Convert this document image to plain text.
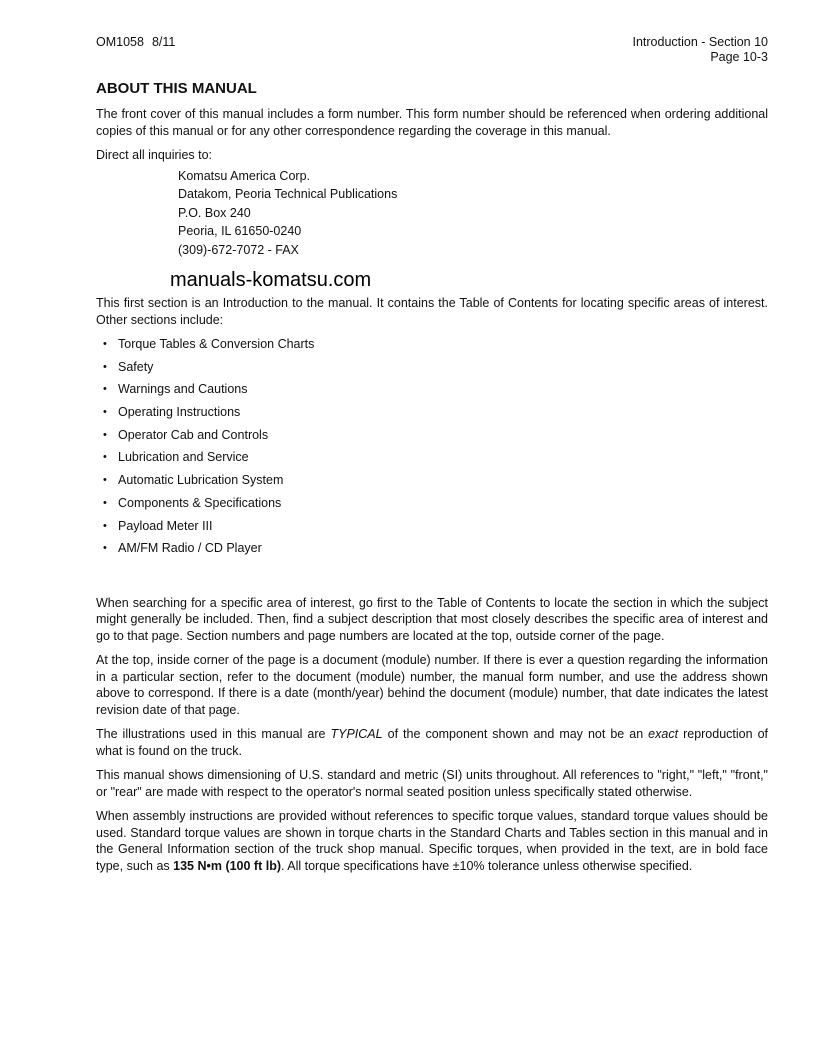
OM1058 8/11	Introduction - Section 10
Page 10-3
ABOUT THIS MANUAL

The front cover of this manual includes a form number. This form number should be referenced when ordering additional copies of this manual or for any other correspondence regarding the coverage in this manual.

Direct all inquiries to:

Komatsu America Corp.
Datakom, Peoria Technical Publications
P.O. Box 240
Peoria, IL 61650-0240
(309)-672-7072 - FAX
manuals-komatsu.com

This first section is an Introduction to the manual. It contains the Table of Contents for locating specific areas of interest. Other sections include:

• Torque Tables & Conversion Charts
• Safety
• Warnings and Cautions
• Operating Instructions
• Operator Cab and Controls
• Lubrication and Service
• Automatic Lubrication System
• Components & Specifications
• Payload Meter III
• AM/FM Radio / CD Player

When searching for a specific area of interest, go first to the Table of Contents to locate the section in which the subject might generally be included. Then, find a subject description that most closely describes the specific area of interest and go to that page. Section numbers and page numbers are located at the top, outside corner of the page.

At the top, inside corner of the page is a document (module) number. If there is ever a question regarding the information in a particular section, refer to the document (module) number, the manual form number, and use the address shown above to correspond. If there is a date (month/year) behind the document (module) number, that date indicates the latest revision date of that page.

The illustrations used in this manual are TYPICAL of the component shown and may not be an exact reproduction of what is found on the truck.

This manual shows dimensioning of U.S. standard and metric (SI) units throughout. All references to "right," "left," "front," or "rear" are made with respect to the operator's normal seated position unless specifically stated otherwise.

When assembly instructions are provided without references to specific torque values, standard torque values should be used. Standard torque values are shown in torque charts in the Standard Charts and Tables section in this manual and in the General Information section of the truck shop manual. Specific torques, when provided in the text, are in bold face type, such as 135 N•m (100 ft lb). All torque specifications have ±10% tolerance unless otherwise specified.
